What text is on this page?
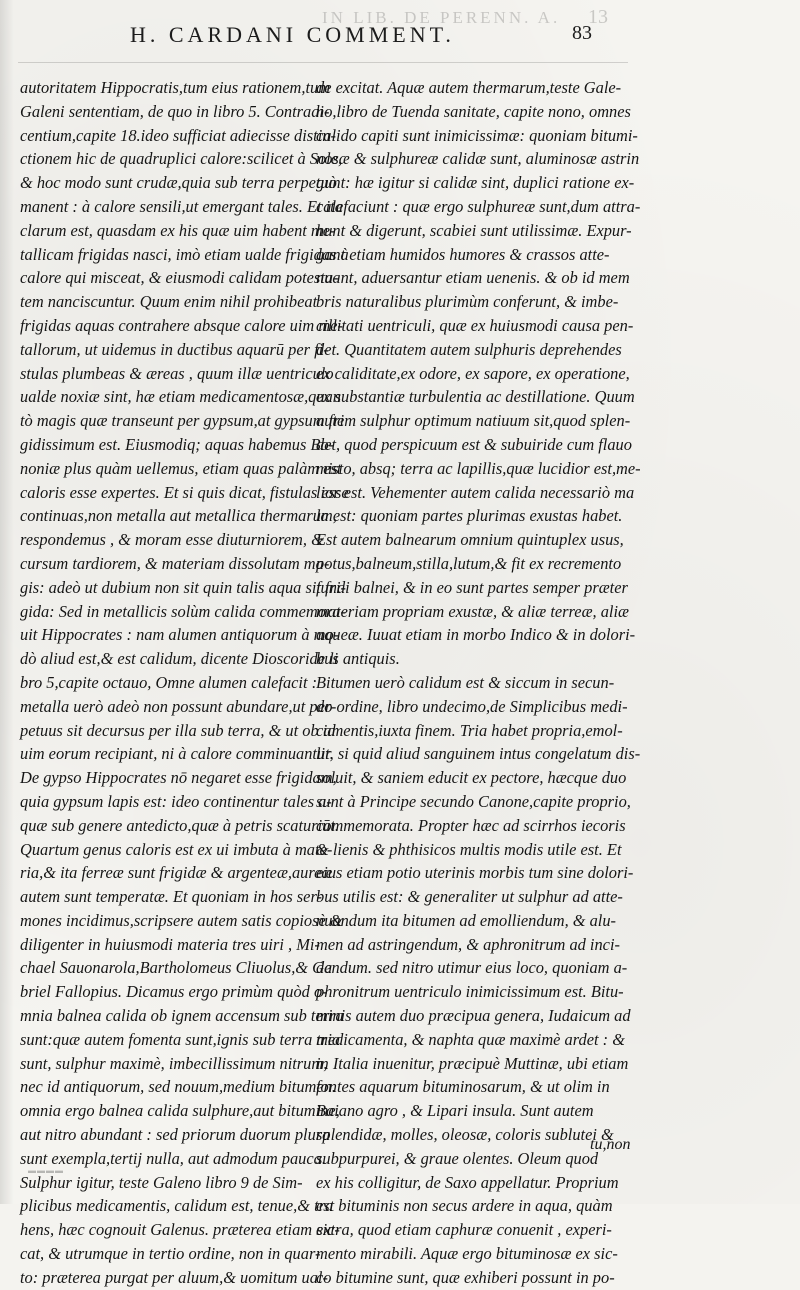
IN LIB. DE PERENN. A. 13
H. CARDANI COMMENT.	83
autoritatem Hippocratis,tum eius rationem,tum
Galeni sententiam, de quo in libro 5. Contradi-
centium,capite 18.ideo sufficiat adiecisse distin-
ctionem hic de quadruplici calore:scilicet à Sole,
& hoc modo sunt crudæ,quia sub terra perpetuò
manent : à calore sensili,ut emergant tales. Et ita
clarum est, quasdam ex his quæ uim habent me-
tallicam frigidas nasci, imò etiam ualde frigidas à
calore qui misceat, & eiusmodi calidam potesta-
tem nanciscuntur. Quum enim nihil prohibeat
frigidas aquas contrahere absque calore uim me-
tallorum, ut uidemus in ductibus aquarū per fi-
stulas plumbeas & æreas , quum illæ uentriculo
ualde noxiæ sint, hæ etiam medicamentosæ,quan
tò magis quæ transeunt per gypsum,at gypsum fri
gidissimum est. Eiusmodiq; aquas habemus Bo-
noniæ plus quàm uellemus, etiam quas palàm est
caloris esse expertes. Et si quis dicat, fistulas esse
continuas,non metalla aut metallica thermarum,
respondemus , & moram esse diuturniorem, &
cursum tardiorem, & materiam dissolutam ma-
gis: adeò ut dubium non sit quin talis aqua sit fri-
gida: Sed in metallicis solùm calida commemora-
uit Hippocrates : nam alumen antiquorum à mo-
dò aliud est,& est calidum, dicente Dioscoride li
bro 5,capite octauo, Omne alumen calefacit :
metalla uerò adeò non possunt abundare,ut per-
petuus sit decursus per illa sub terra, & ut ob id
uim eorum recipiant, ni à calore comminuantur.
De gypso Hippocrates nō negaret esse frigidam,
quia gypsum lapis est: ideo continentur tales a-
quæ sub genere antedicto,quæ à petris scaturiūt.
Quartum genus caloris est ex ui imbuta à mate-
ria,& ita ferreæ sunt frigidæ & argenteæ,aureæ
autem sunt temperatæ. Et quoniam in hos ser-
mones incidimus,scripsere autem satis copiosè &
diligenter in huiusmodi materia tres uiri , Mi-
chael Sauonarola,Bartholomeus Cliuolus,& Ga
briel Fallopius. Dicamus ergo primùm quòd o-
mnia balnea calida ob ignem accensum sub terra
sunt:quæ autem fomenta sunt,ignis sub terra tria
sunt, sulphur maximè, imbecillissimum nitrum,
nec id antiquorum, sed nouum,medium bitumen.
omnia ergo balnea calida sulphure,aut bitumine,
aut nitro abundant : sed priorum duorum plura
sunt exempla,tertij nulla, aut admodum pauca.
Sulphur igitur, teste Galeno libro 9 de Sim-
plicibus medicamentis, calidum est, tenue,& tra
hens, hæc cognouit Galenus. præterea etiam sic-
cat, & utrumque in tertio ordine, non in quar-
to: præterea purgat per aluum,& uomitum ual-
de excitat. Aquæ autem thermarum,teste Gale-
no,libro de Tuenda sanitate, capite nono, omnes
calido capiti sunt inimicissimæ: quoniam bitumi-
nosæ & sulphureæ calidæ sunt, aluminosæ astrin
gunt: hæ igitur si calidæ sint, duplici ratione ex-
calefaciunt : quæ ergo sulphureæ sunt,dum attra-
hunt & digerunt, scabiei sunt utilissimæ. Expur-
gant etiam humidos humores & crassos atte-
nuant, aduersantur etiam uenenis. & ob id mem
bris naturalibus plurimùm conferunt, & imbe-
cillitati uentriculi, quæ ex huiusmodi causa pen-
det. Quantitatem autem sulphuris deprehendes
ex caliditate,ex odore, ex sapore, ex operatione,
ex substantiæ turbulentia ac destillatione. Quum
autem sulphur optimum natiuum sit,quod splen-
det, quod perspicuum est & subuiride cum flauo
misto, absq; terra ac lapillis,quæ lucidior est,me-
lior est. Vehementer autem calida necessariò ma
la est: quoniam partes plurimas exustas habet.
Est autem balnearum omnium quintuplex usus,
potus,balneum,stilla,lutum,& fit ex recremento
fundi balnei, & in eo sunt partes semper præter
materiam propriam exustæ, & aliæ terreæ, aliæ
aqueæ. Iuuat etiam in morbo Indico & in dolori-
bus antiquis.
Bitumen uerò calidum est & siccum in secun-
do ordine, libro undecimo,de Simplicibus medi-
camentis,iuxta finem. Tria habet propria,emol-
lit, si quid aliud sanguinem intus congelatum dis-
soluit, & saniem educit ex pectore, hæcque duo
sunt à Principe secundo Canone,capite proprio,
commemorata. Propter hæc ad scirrhos iecoris
& lienis & phthisicos multis modis utile est. Et
eius etiam potio uterinis morbis tum sine dolori-
bus utilis est: & generaliter ut sulphur ad atte-
nuandum ita bitumen ad emolliendum, & alu-
men ad astringendum, & aphronitrum ad inci-
dendum. sed nitro utimur eius loco, quoniam a-
phronitrum uentriculo inimicissimum est. Bitu-
minis autem duo præcipua genera, Iudaicum ad
medicamenta, & naphta quæ maximè ardet : &
in Italia inuenitur, præcipuè Muttinæ, ubi etiam
fontes aquarum bituminosarum, & ut olim in
Baiano agro , & Lipari insula. Sunt autem
splendidæ, molles, oleosæ, coloris sublutei &
subpurpurei, & graue olentes. Oleum quod
ex his colligitur, de Saxo appellatur. Proprium
est bituminis non secus ardere in aqua, quàm
extra, quod etiam caphuræ conuenit , experi-
mento mirabili. Aquæ ergo bituminosæ ex sic-
co bitumine sunt, quæ exhiberi possunt in po-
tu,non
▬▬▬▬
